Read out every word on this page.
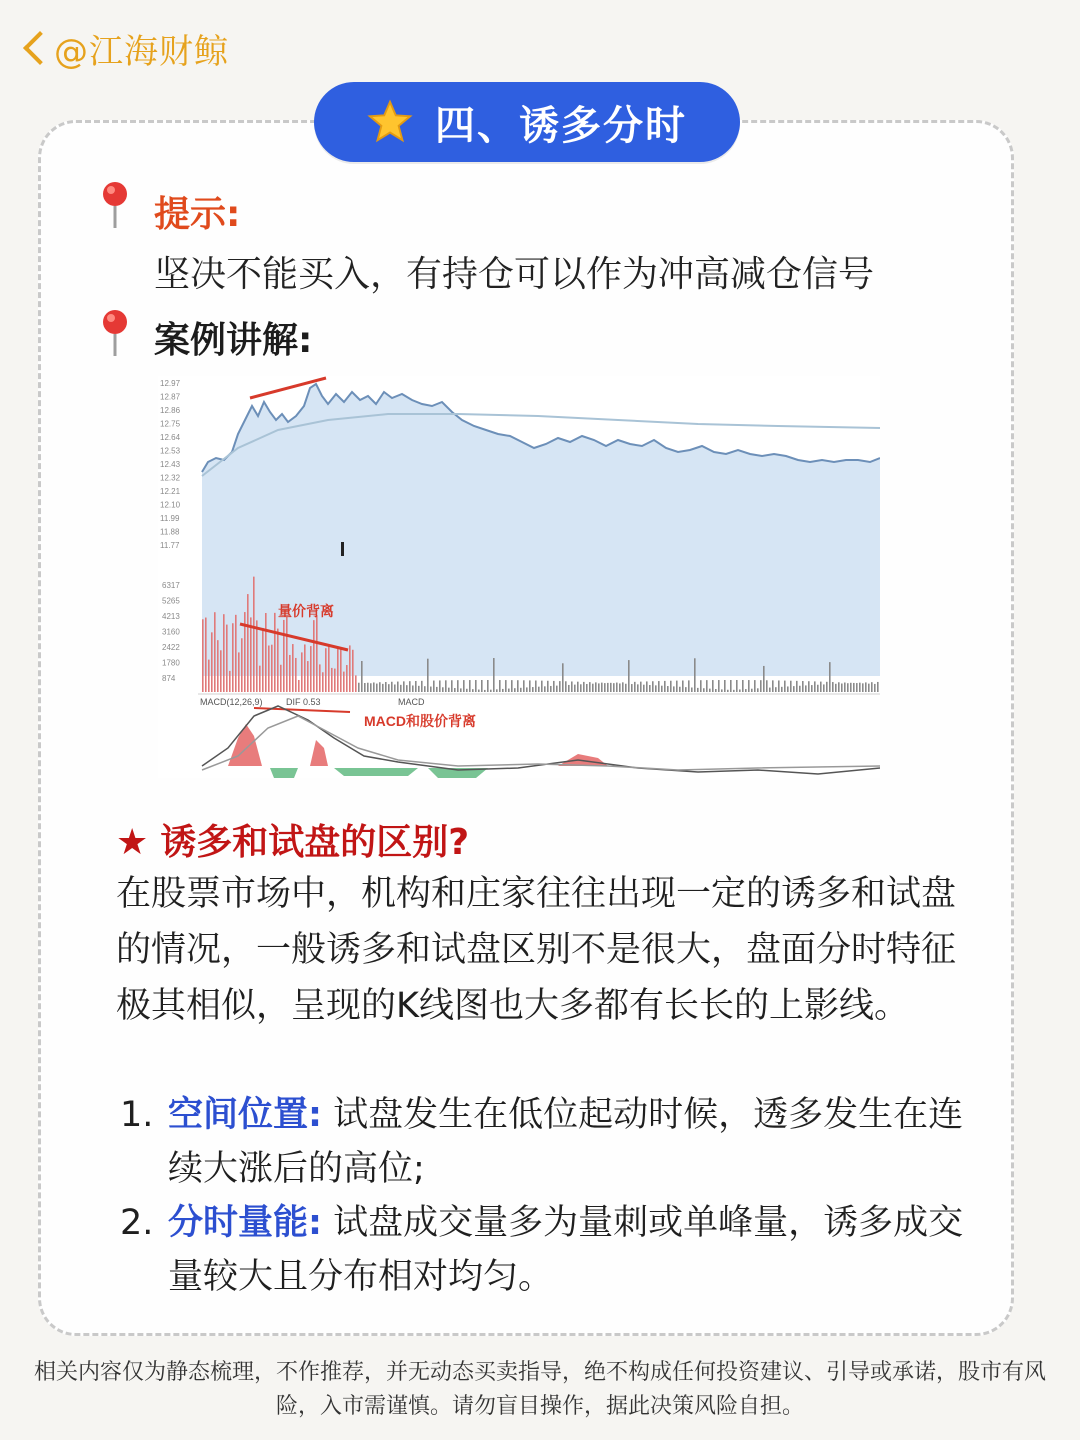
@江海财鲸
四、诱多分时
提示:
坚决不能买入，有持仓可以作为冲高减仓信号
案例讲解:
12.97
12.87
12.86
12.75
12.64
12.53
12.43
12.32
12.21
12.10
11.99
11.88
11.77
6317
5265
4213
3160
2422
1780
874
量价背离
MACD(12,26,9)	DIF 0.53	MACD
MACD和股价背离
★ 诱多和试盘的区别?
在股票市场中，机构和庄家往往出现一定的诱多和试盘的情况，一般诱多和试盘区别不是很大，盘面分时特征极其相似，呈现的K线图也大多都有长长的上影线。
1. 空间位置: 试盘发生在低位起动时候，透多发生在连续大涨后的高位;
2. 分时量能: 试盘成交量多为量刺或单峰量，诱多成交量较大且分布相对均匀。
相关内容仅为静态梳理，不作推荐，并无动态买卖指导，绝不构成任何投资建议、引导或承诺，股市有风险，入市需谨慎。请勿盲目操作，据此决策风险自担。
